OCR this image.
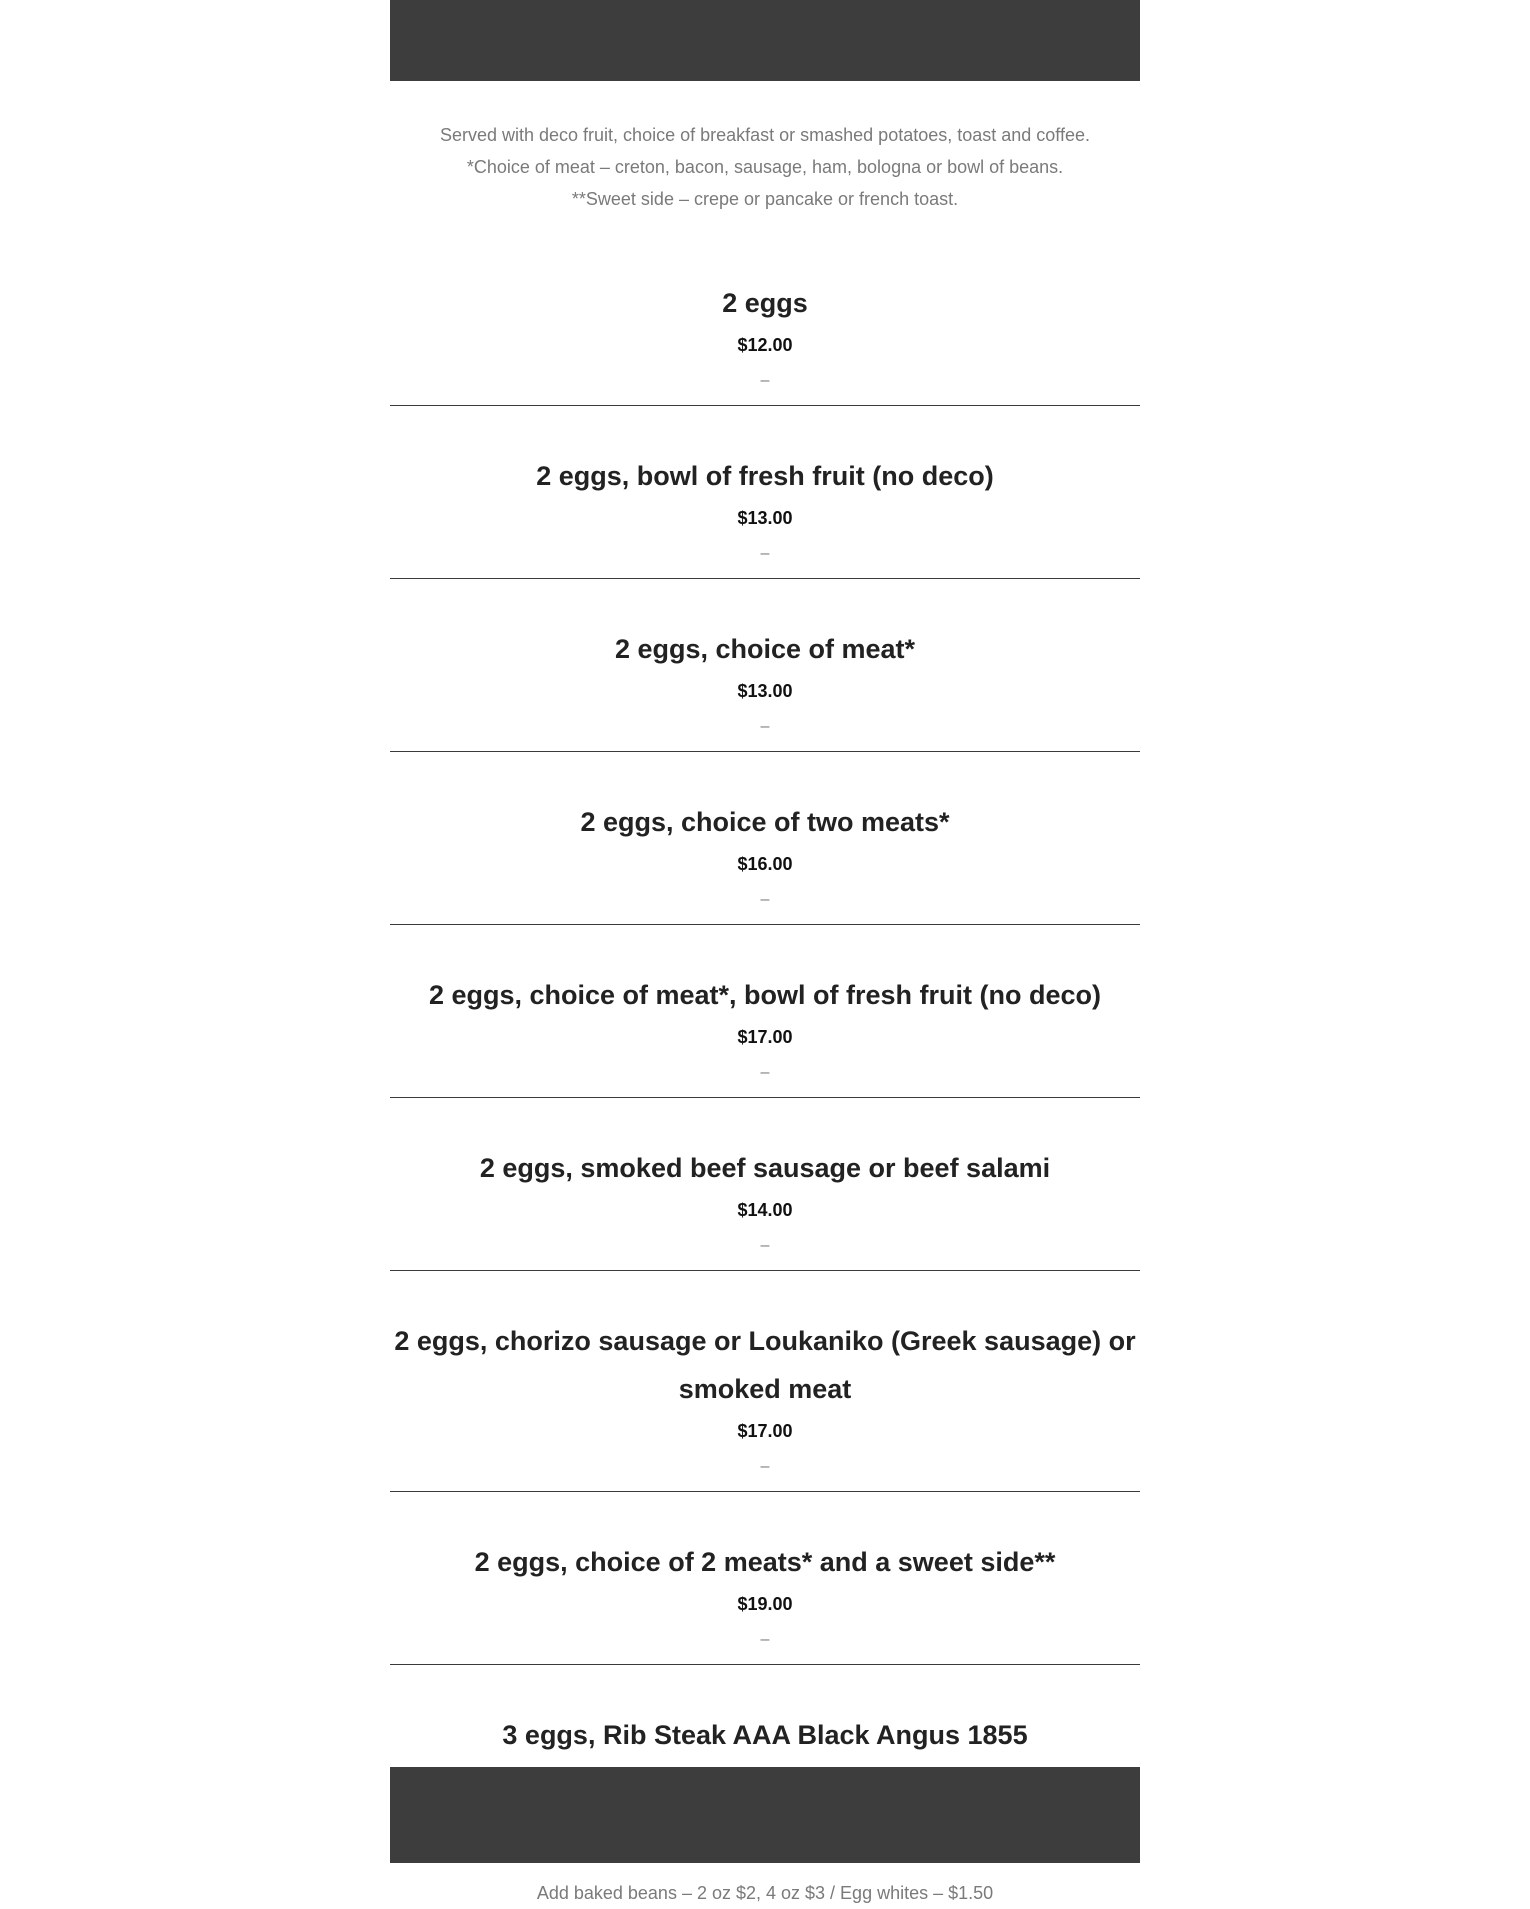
Served with deco fruit, choice of breakfast or smashed potatoes, toast and coffee.

*Choice of meat – creton, bacon, sausage, ham, bologna or bowl of beans.

**Sweet side – crepe or pancake or french toast.

2 eggs

$12.00

–

2 eggs, bowl of fresh fruit (no deco)

$13.00

–

2 eggs, choice of meat*

$13.00

–

2 eggs, choice of two meats*

$16.00

–

2 eggs, choice of meat*, bowl of fresh fruit (no deco)

$17.00

–

2 eggs, smoked beef sausage or beef salami

$14.00

–

2 eggs, chorizo sausage or Loukaniko (Greek sausage) or smoked meat

$17.00

–

2 eggs, choice of 2 meats* and a sweet side**

$19.00

–

3 eggs, Rib Steak AAA Black Angus 1855

Add baked beans – 2 oz $2, 4 oz $3 / Egg whites – $1.50
